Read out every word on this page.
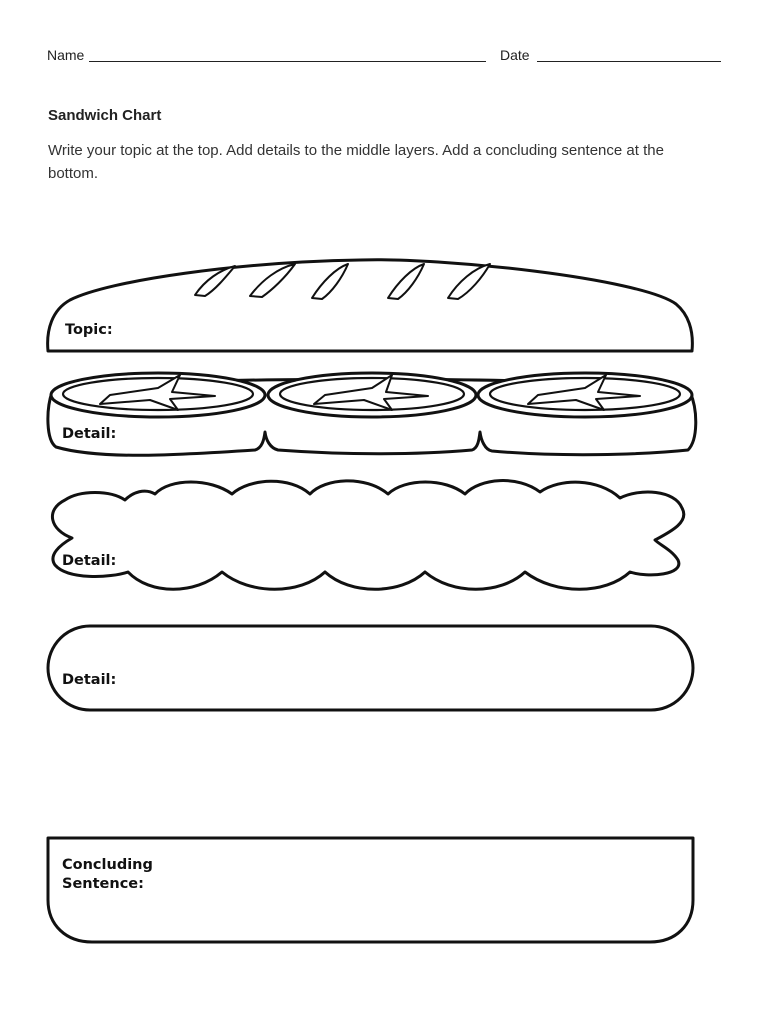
Name	Date
Sandwich Chart
Write your topic at the top. Add details to the middle layers. Add a concluding sentence at the bottom.
Topic:
Detail:
Detail:
Detail:
Concluding
Sentence:
